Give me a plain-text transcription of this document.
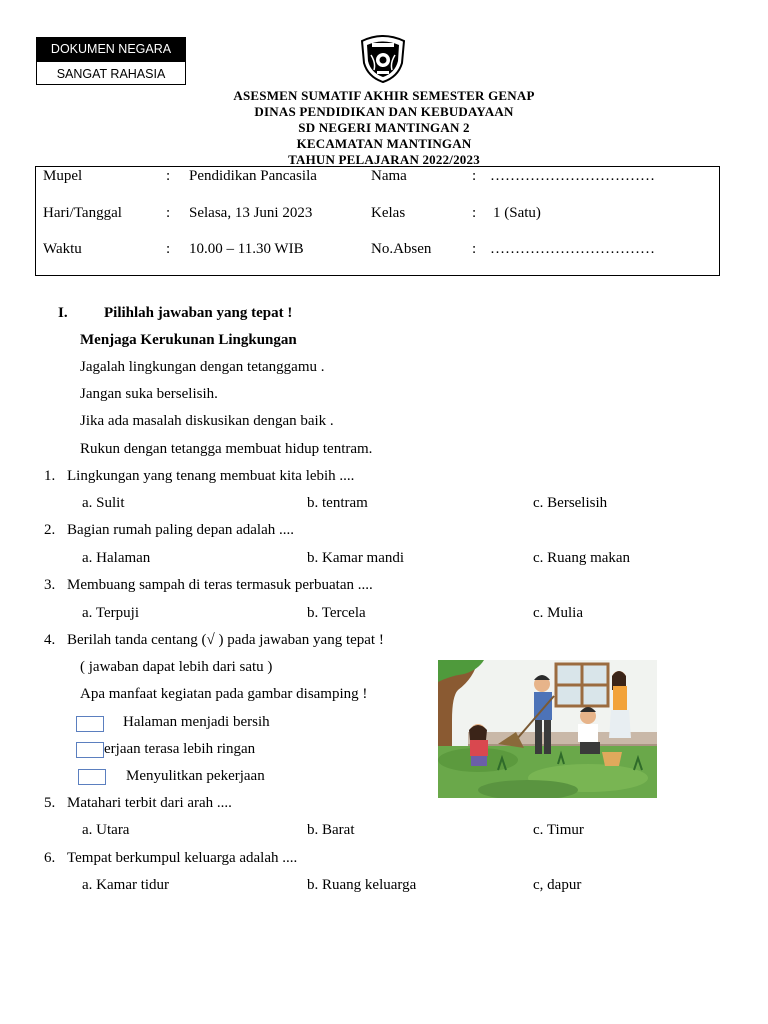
DOKUMEN NEGARA
SANGAT RAHASIA
ASESMEN SUMATIF AKHIR SEMESTER GENAP
DINAS PENDIDIKAN DAN KEBUDAYAAN
SD NEGERI MANTINGAN 2
KECAMATAN MANTINGAN
TAHUN PELAJARAN 2022/2023
Mupel	: Pendidikan Pancasila	Nama	: ……………………………
Hari/Tanggal	: Selasa, 13 Juni 2023	Kelas	: 1 (Satu)
Waktu	: 10.00 – 11.30 WIB	No.Absen	: ……………………………
I. Pilihlah jawaban yang tepat !
Menjaga Kerukunan Lingkungan
Jagalah lingkungan dengan tetanggamu .
Jangan suka berselisih.
Jika ada masalah diskusikan dengan baik .
Rukun dengan tetangga membuat hidup tentram.
1. Lingkungan yang tenang membuat kita lebih ....
a. Sulit	b. tentram	c. Berselisih
2. Bagian rumah paling depan adalah ....
a. Halaman	b. Kamar mandi	c. Ruang makan
3. Membuang sampah di teras termasuk perbuatan ....
a. Terpuji	b. Tercela	c. Mulia
4. Berilah tanda centang (√ ) pada jawaban yang tepat !
( jawaban dapat lebih dari satu )
Apa manfaat kegiatan pada gambar disamping !
Halaman menjadi bersih
erjaan terasa lebih ringan
Menyulitkan pekerjaan
5. Matahari terbit dari arah ....
a. Utara	b. Barat	c. Timur
6. Tempat berkumpul keluarga adalah ....
a. Kamar tidur	b. Ruang keluarga	c, dapur
